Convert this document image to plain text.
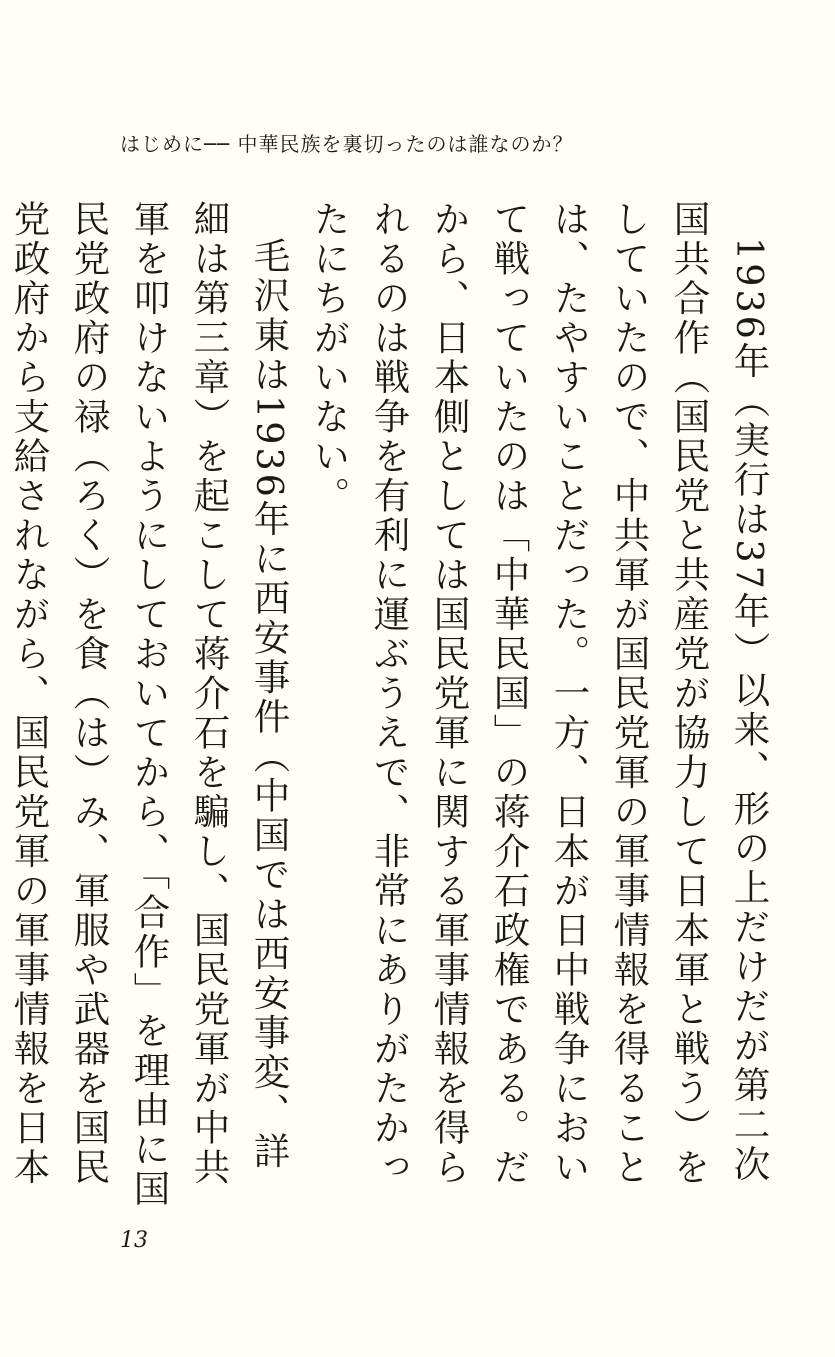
はじめに── 中華民族を裏切ったのは誰なのか？

1936年（実行は37年）以来、形の上だけだが第二次国共合作（国民党と共産党が協力して日本軍と戦う）をしていたので、中共軍が国民党軍の軍事情報を得ることは、たやすいことだった。一方、日本が日中戦争において戦っていたのは「中華民国」の蒋介石政権である。だから、日本側としては国民党軍に関する軍事情報を得られるのは戦争を有利に運ぶうえで、非常にありがたかったにちがいない。

毛沢東は1936年に西安事件（中国では西安事変、詳細は第三章）を起こして蒋介石を騙し、国民党軍が中共軍を叩けないようにしておいてから、「合作」を理由に国民党政府の禄（ろく）を食（は）み、軍服や武器を国民党政府から支給されながら、国民党軍の軍事情報を日本

13
